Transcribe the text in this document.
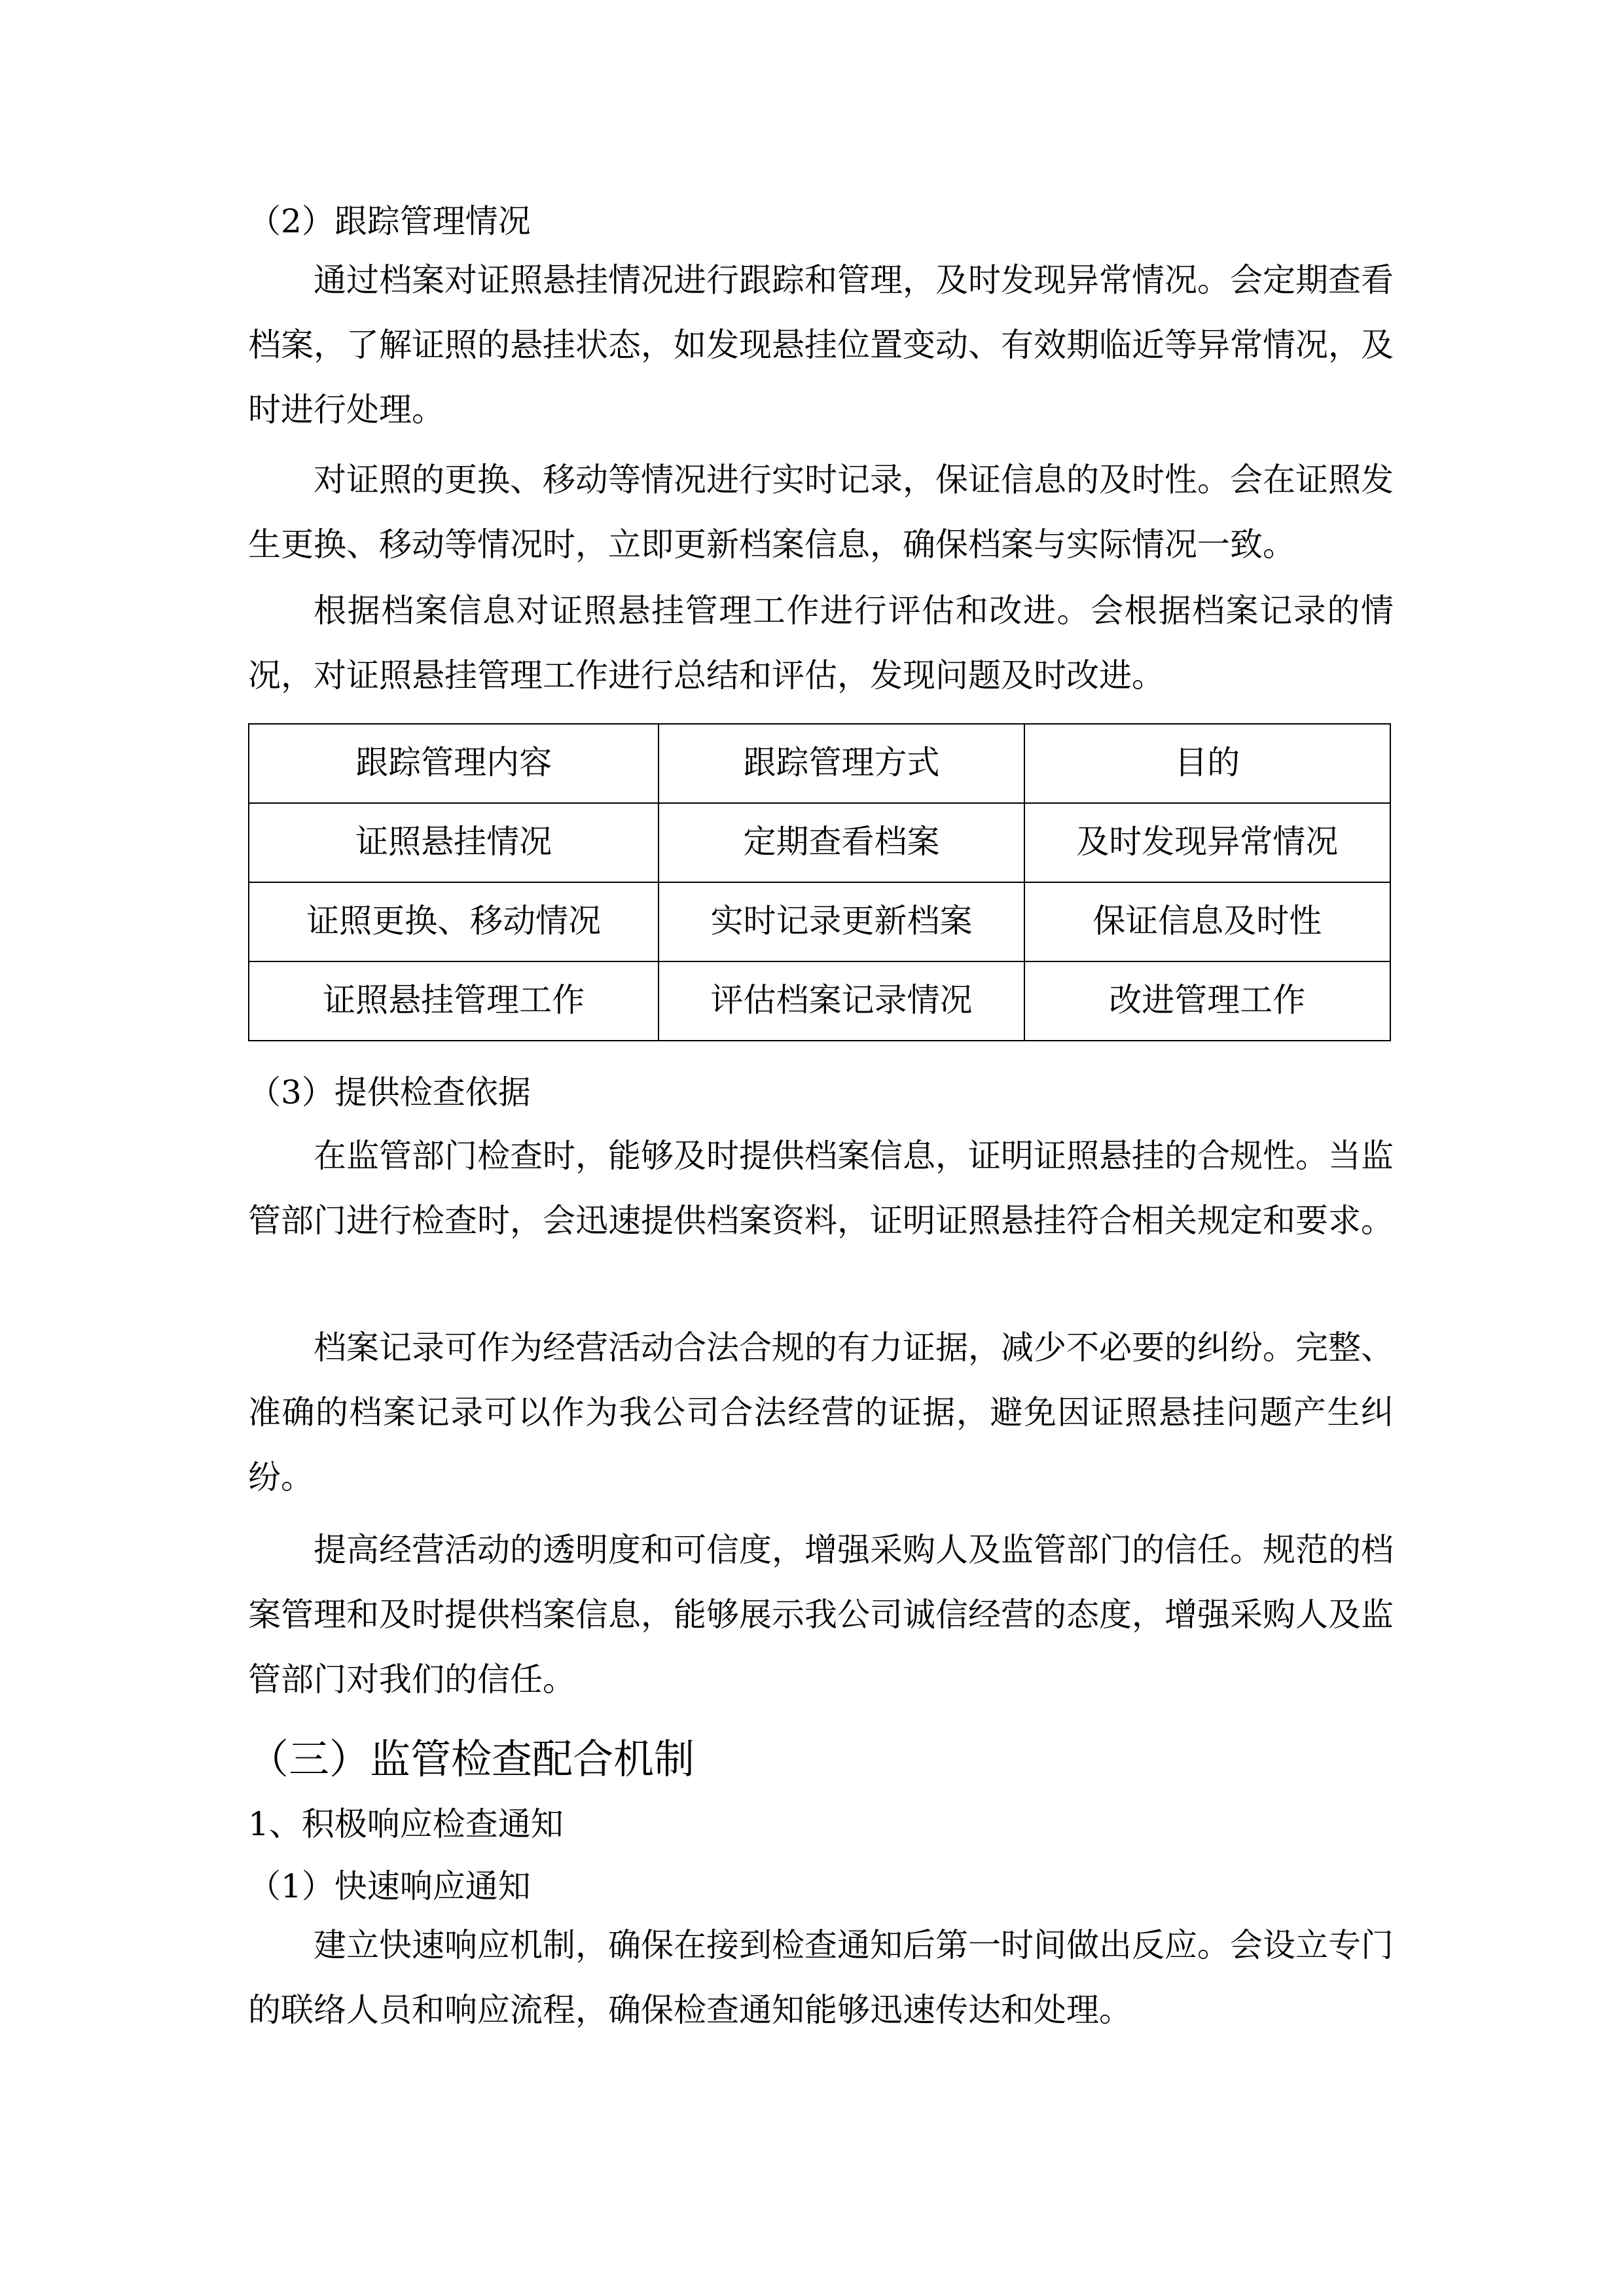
（2）跟踪管理情况
通过档案对证照悬挂情况进行跟踪和管理，及时发现异常情况。会定期查看档案，了解证照的悬挂状态，如发现悬挂位置变动、有效期临近等异常情况，及时进行处理。
对证照的更换、移动等情况进行实时记录，保证信息的及时性。会在证照发生更换、移动等情况时，立即更新档案信息，确保档案与实际情况一致。
根据档案信息对证照悬挂管理工作进行评估和改进。会根据档案记录的情况，对证照悬挂管理工作进行总结和评估，发现问题及时改进。
跟踪管理内容	跟踪管理方式	目的
证照悬挂情况	定期查看档案	及时发现异常情况
证照更换、移动情况	实时记录更新档案	保证信息及时性
证照悬挂管理工作	评估档案记录情况	改进管理工作
（3）提供检查依据
在监管部门检查时，能够及时提供档案信息，证明证照悬挂的合规性。当监管部门进行检查时，会迅速提供档案资料，证明证照悬挂符合相关规定和要求。
档案记录可作为经营活动合法合规的有力证据，减少不必要的纠纷。完整、准确的档案记录可以作为我公司合法经营的证据，避免因证照悬挂问题产生纠纷。
提高经营活动的透明度和可信度，增强采购人及监管部门的信任。规范的档案管理和及时提供档案信息，能够展示我公司诚信经营的态度，增强采购人及监管部门对我们的信任。
（三）监管检查配合机制
1、积极响应检查通知
（1）快速响应通知
建立快速响应机制，确保在接到检查通知后第一时间做出反应。会设立专门的联络人员和响应流程，确保检查通知能够迅速传达和处理。
